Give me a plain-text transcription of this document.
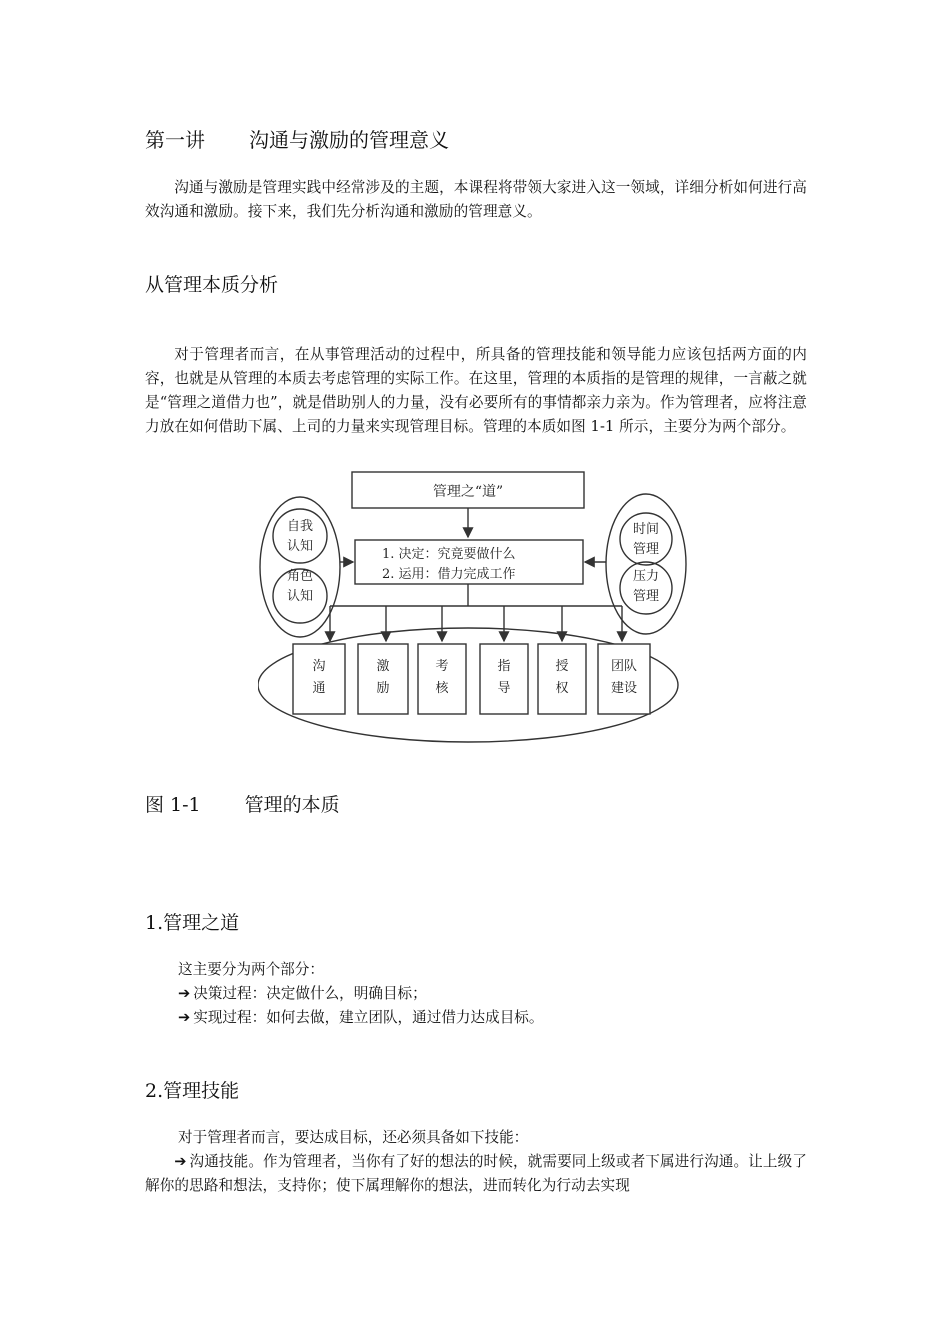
第一讲 沟通与激励的管理意义
沟通与激励是管理实践中经常涉及的主题，本课程将带领大家进入这一领域，详细分析如何进行高效沟通和激励。接下来，我们先分析沟通和激励的管理意义。
从管理本质分析
对于管理者而言，在从事管理活动的过程中，所具备的管理技能和领导能力应该包括两方面的内容，也就是从管理的本质去考虑管理的实际工作。在这里，管理的本质指的是管理的规律，一言蔽之就是“管理之道借力也”，就是借助别人的力量，没有必要所有的事情都亲力亲为。作为管理者，应将注意力放在如何借助下属、上司的力量来实现管理目标。管理的本质如图 1-1 所示，主要分为两个部分。
图 1-1 管理的本质
1.管理之道
这主要分为两个部分：
➔ 决策过程：决定做什么，明确目标；
➔ 实现过程：如何去做，建立团队，通过借力达成目标。
2.管理技能
对于管理者而言，要达成目标，还必须具备如下技能：
➔ 沟通技能。作为管理者，当你有了好的想法的时候，就需要同上级或者下属进行沟通。让上级了解你的思路和想法，支持你；使下属理解你的想法，进而转化为行动去实现
管理之“道”
1. 决定：究竟要做什么
2. 运用：借力完成工作
自我
认知
角色
认知
时间
管理
压力
管理
沟
通
激
励
考
核
指
导
授
权
团队
建设
